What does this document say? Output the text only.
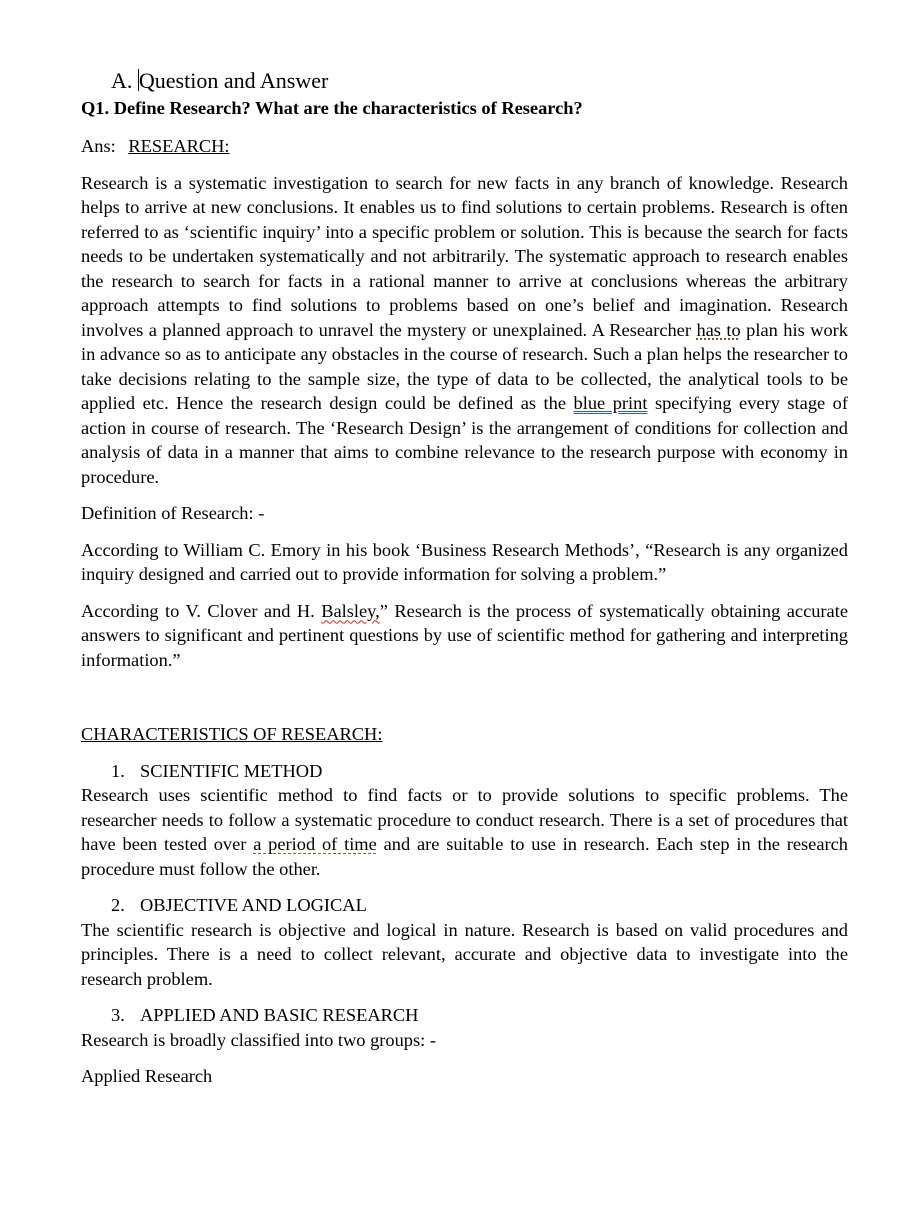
A. Question and Answer
Q1. Define Research? What are the characteristics of Research?
Ans: RESEARCH:

Research is a systematic investigation to search for new facts in any branch of knowledge. Research helps to arrive at new conclusions. It enables us to find solutions to certain problems. Research is often referred to as ‘scientific inquiry’ into a specific problem or solution. This is because the search for facts needs to be undertaken systematically and not arbitrarily. The systematic approach to research enables the research to search for facts in a rational manner to arrive at conclusions whereas the arbitrary approach attempts to find solutions to problems based on one’s belief and imagination. Research involves a planned approach to unravel the mystery or unexplained. A Researcher has to plan his work in advance so as to anticipate any obstacles in the course of research. Such a plan helps the researcher to take decisions relating to the sample size, the type of data to be collected, the analytical tools to be applied etc. Hence the research design could be defined as the blue print specifying every stage of action in course of research. The ‘Research Design’ is the arrangement of conditions for collection and analysis of data in a manner that aims to combine relevance to the research purpose with economy in procedure.

Definition of Research: -

According to William C. Emory in his book ‘Business Research Methods’, “Research is any organized inquiry designed and carried out to provide information for solving a problem.”

According to V. Clover and H. Balsley,” Research is the process of systematically obtaining accurate answers to significant and pertinent questions by use of scientific method for gathering and interpreting information.”

CHARACTERISTICS OF RESEARCH:

1. SCIENTIFIC METHOD

Research uses scientific method to find facts or to provide solutions to specific problems. The researcher needs to follow a systematic procedure to conduct research. There is a set of procedures that have been tested over a period of time and are suitable to use in research. Each step in the research procedure must follow the other.

2. OBJECTIVE AND LOGICAL

The scientific research is objective and logical in nature. Research is based on valid procedures and principles. There is a need to collect relevant, accurate and objective data to investigate into the research problem.

3. APPLIED AND BASIC RESEARCH

Research is broadly classified into two groups: -

Applied Research
